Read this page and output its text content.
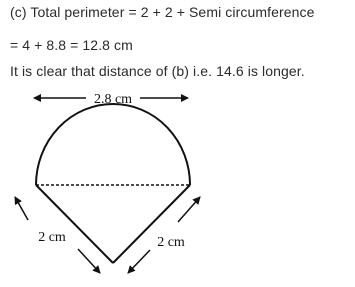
(c) Total perimeter = 2 + 2 + Semi circumference
= 4 + 8.8 = 12.8 cm
It is clear that distance of (b) i.e. 14.6 is longer.
2.8 cm
2 cm	2 cm
